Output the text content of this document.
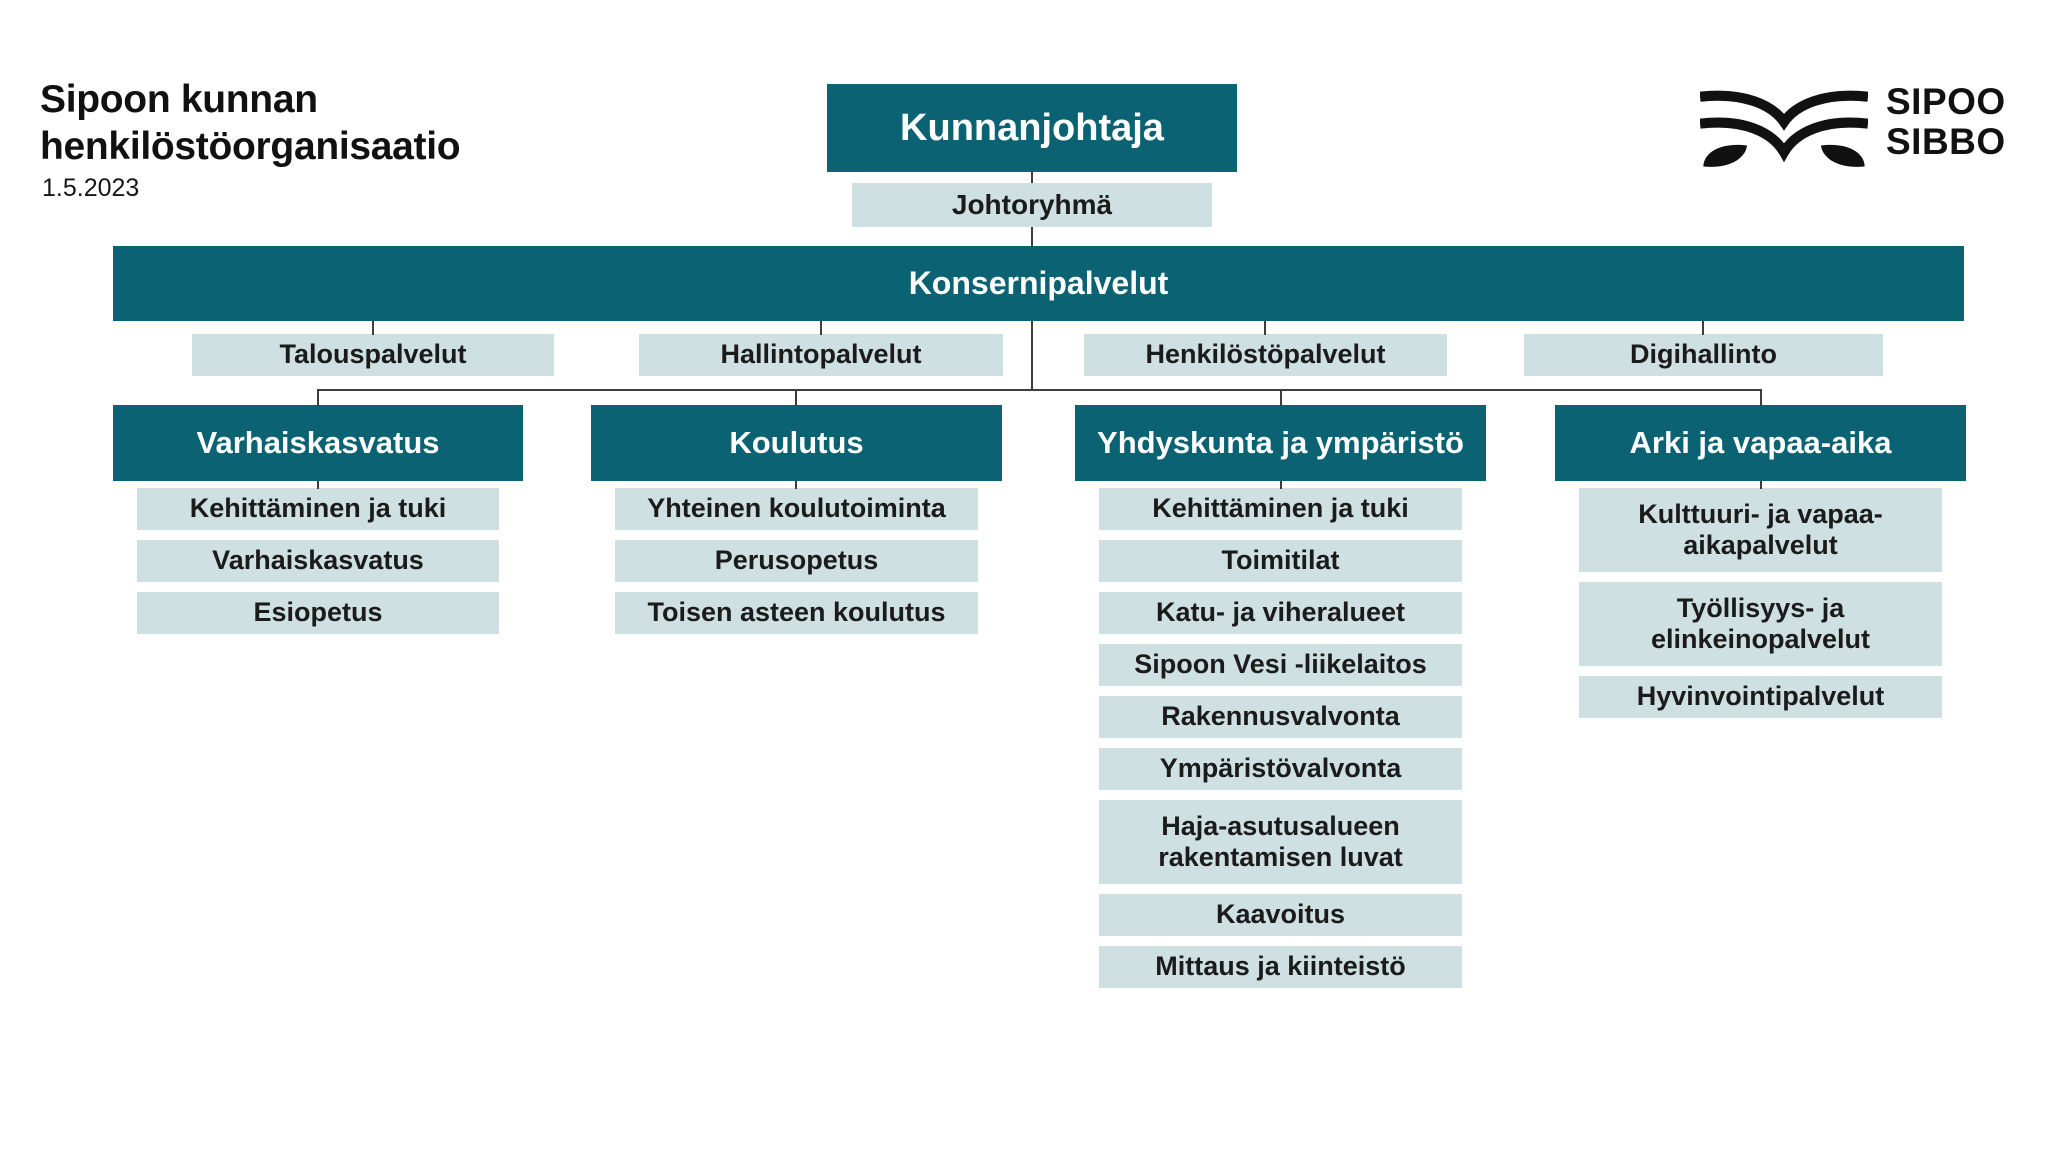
Sipoon kunnan
henkilöstöorganisaatio
1.5.2023
SIPOO
SIBBO
Kunnanjohtaja
Johtoryhmä
Konsernipalvelut
Talouspalvelut	Hallintopalvelut	Henkilöstöpalvelut	Digihallinto
Varhaiskasvatus	Koulutus	Yhdyskunta ja ympäristö	Arki ja vapaa-aika
Kehittäminen ja tuki
Varhaiskasvatus
Esiopetus
Yhteinen koulutoiminta
Perusopetus
Toisen asteen koulutus
Kehittäminen ja tuki
Toimitilat
Katu- ja viheralueet
Sipoon Vesi -liikelaitos
Rakennusvalvonta
Ympäristövalvonta
Haja-asutusalueen rakentamisen luvat
Kaavoitus
Mittaus ja kiinteistö
Kulttuuri- ja vapaa-aikapalvelut
Työllisyys- ja elinkeinopalvelut
Hyvinvointipalvelut
